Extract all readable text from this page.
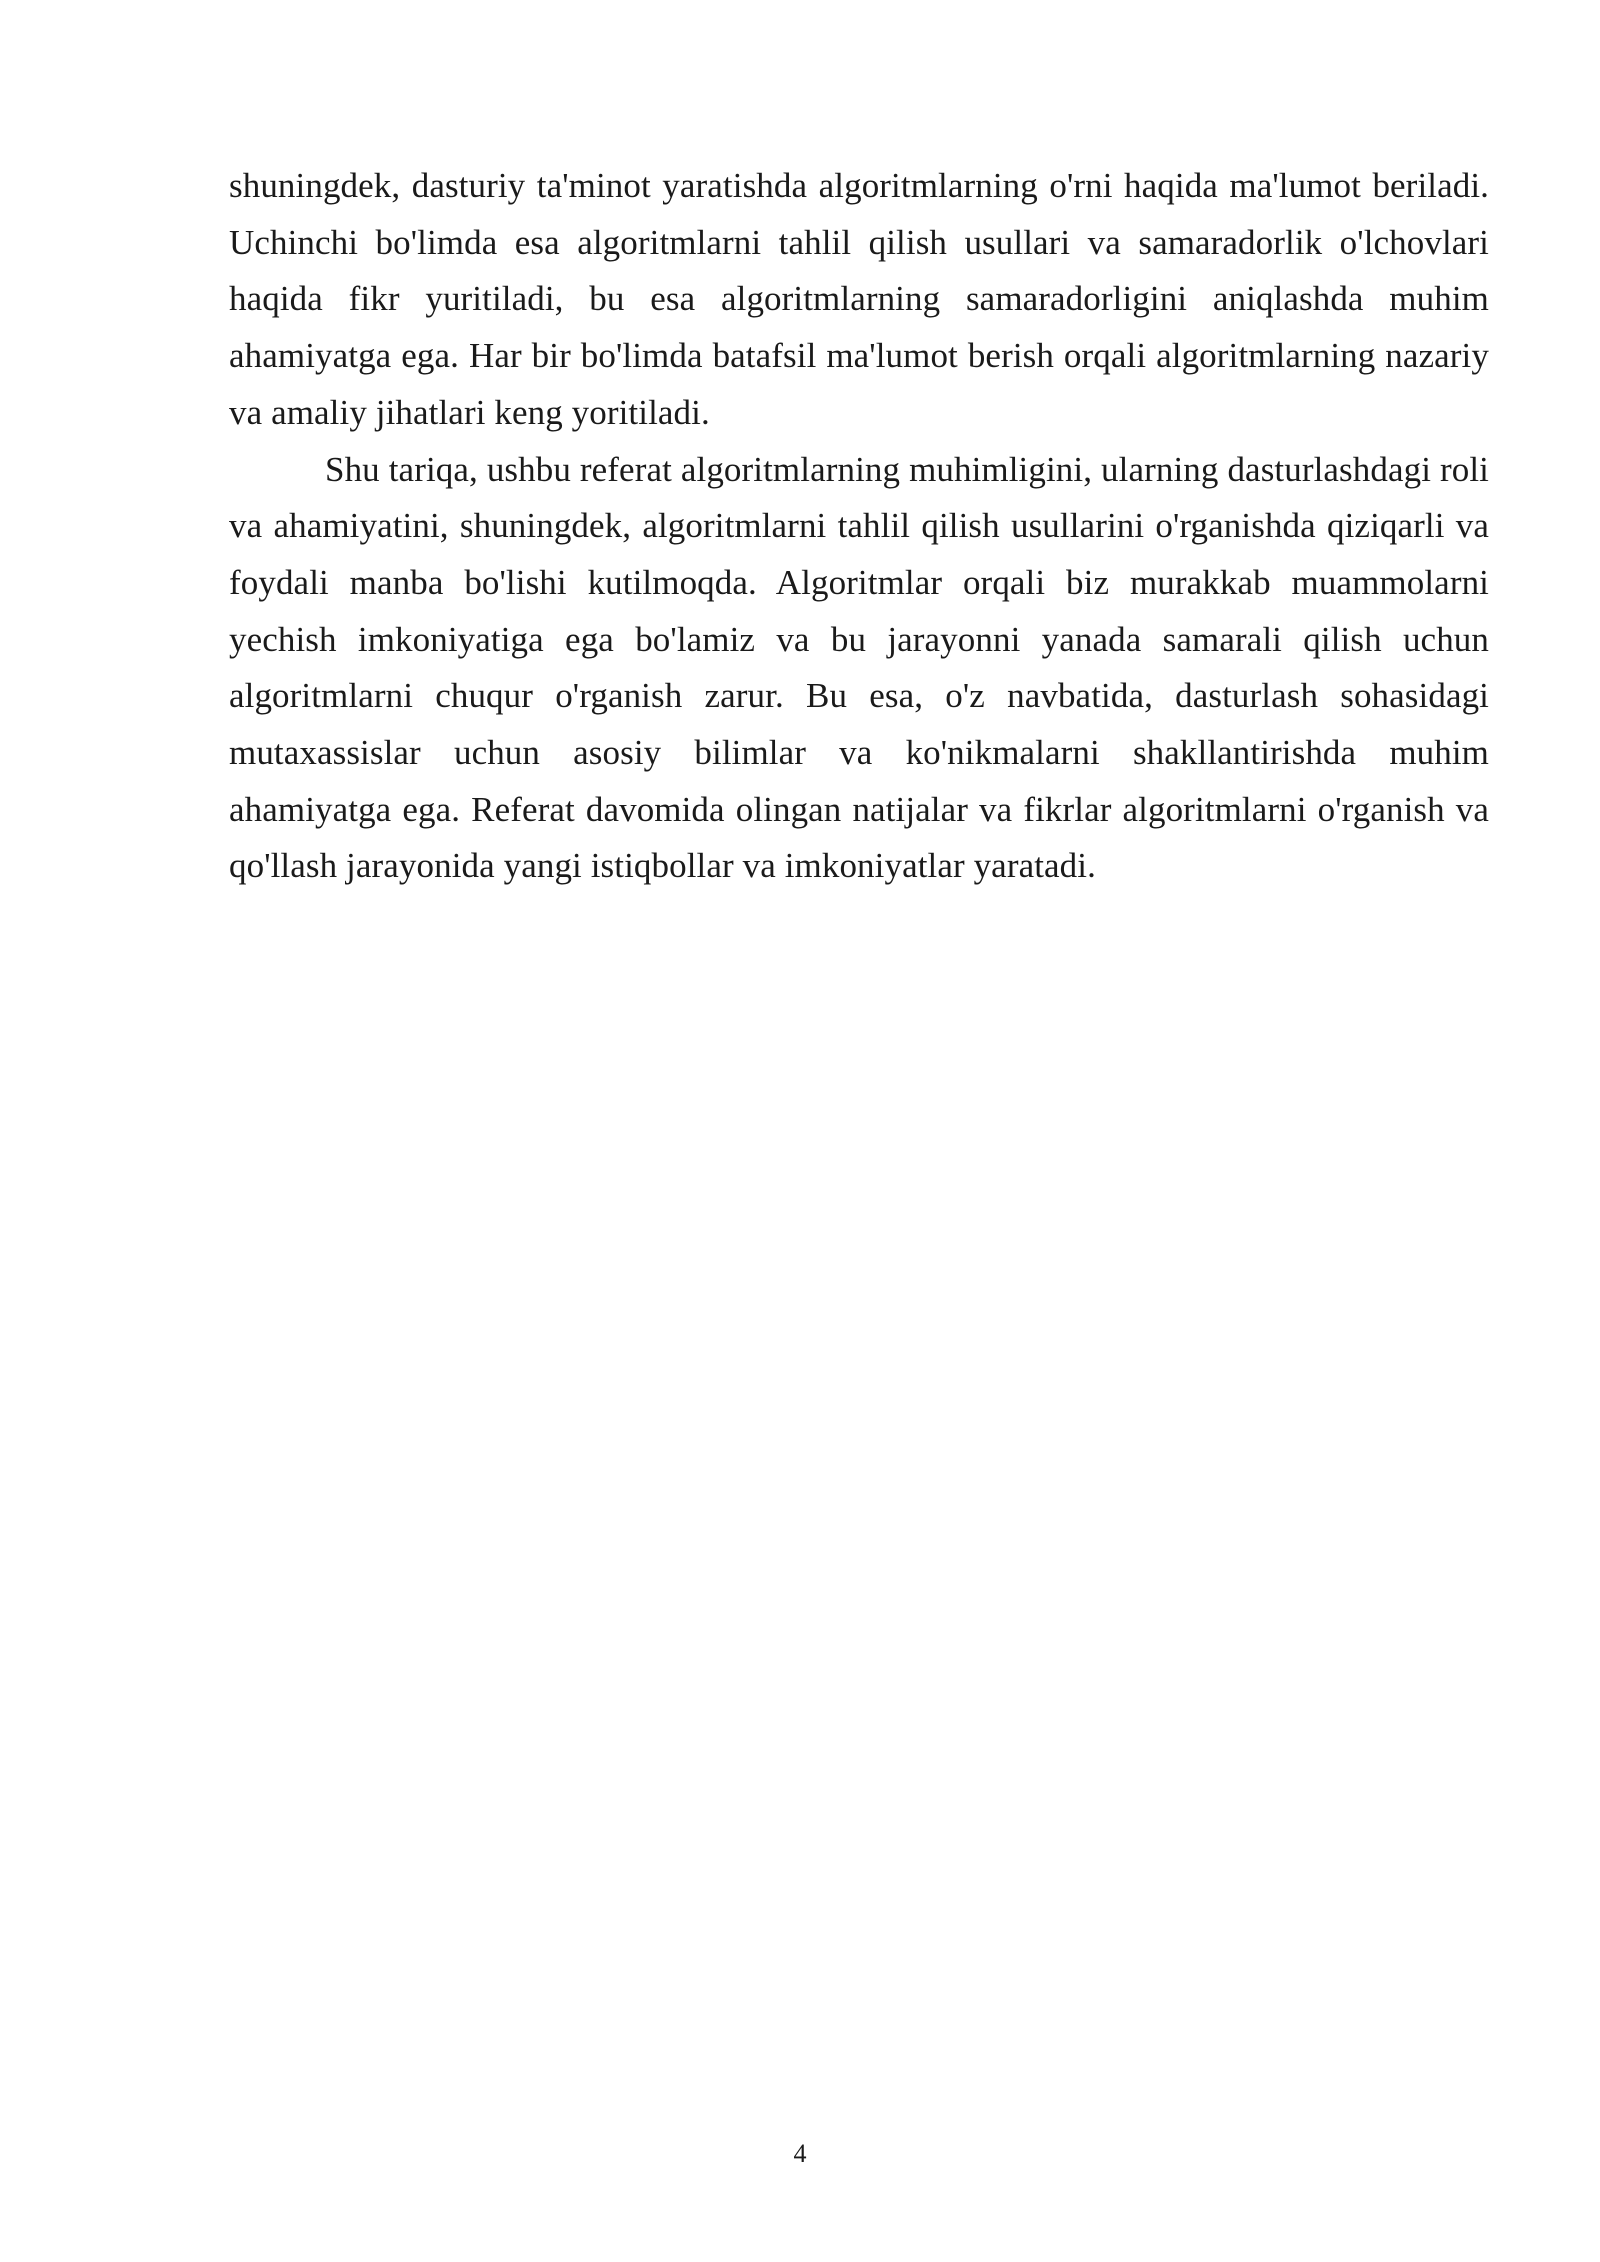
shuningdek, dasturiy ta'minot yaratishda algoritmlarning o'rni haqida ma'lumot beriladi. Uchinchi bo'limda esa algoritmlarni tahlil qilish usullari va samaradorlik o'lchovlari haqida fikr yuritiladi, bu esa algoritmlarning samaradorligini aniqlashda muhim ahamiyatga ega. Har bir bo'limda batafsil ma'lumot berish orqali algoritmlarning nazariy va amaliy jihatlari keng yoritiladi.

Shu tariqa, ushbu referat algoritmlarning muhimligini, ularning dasturlashdagi roli va ahamiyatini, shuningdek, algoritmlarni tahlil qilish usullarini o'rganishda qiziqarli va foydali manba bo'lishi kutilmoqda. Algoritmlar orqali biz murakkab muammolarni yechish imkoniyatiga ega bo'lamiz va bu jarayonni yanada samarali qilish uchun algoritmlarni chuqur o'rganish zarur. Bu esa, o'z navbatida, dasturlash sohasidagi mutaxassislar uchun asosiy bilimlar va ko'nikmalarni shakllantirishda muhim ahamiyatga ega. Referat davomida olingan natijalar va fikrlar algoritmlarni o'rganish va qo'llash jarayonida yangi istiqbollar va imkoniyatlar yaratadi.

4
